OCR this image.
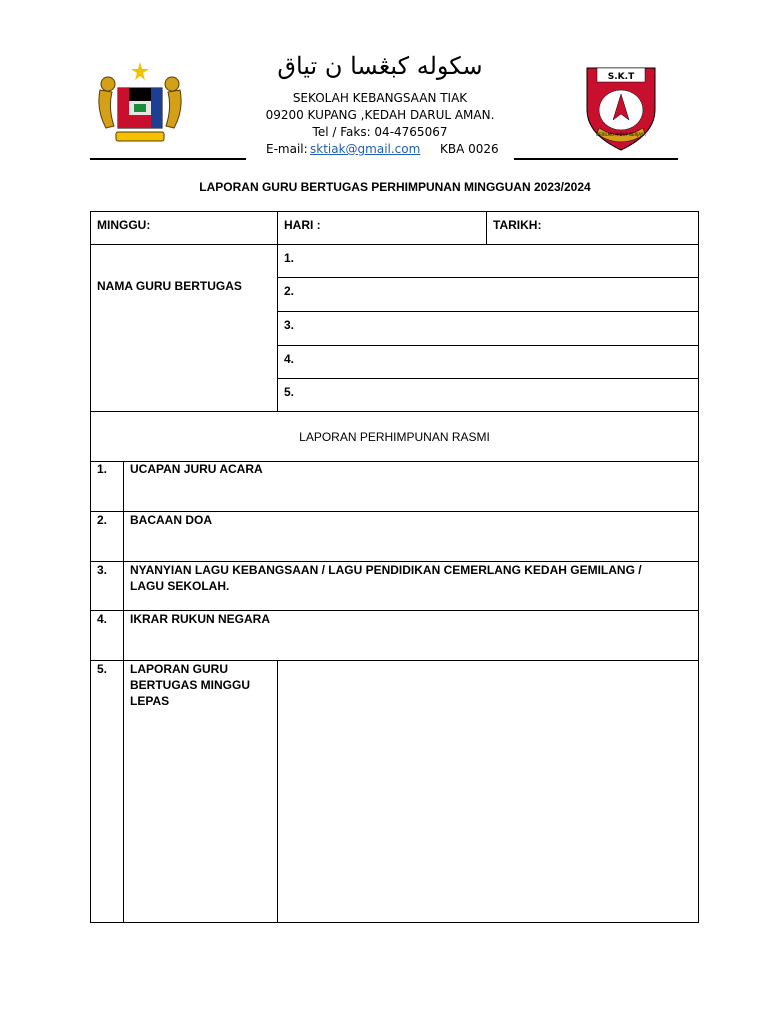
سکوله کبڠسا ن تياق
SEKOLAH KEBANGSAAN TIAK
09200 KUPANG ,KEDAH DARUL AMAN.
Tel / Faks: 04-4765067
E-mail: sktiak@gmail.com KBA 0026
S.K.T
BERILMU HIDUP BERJAYA
LAPORAN GURU BERTUGAS PERHIMPUNAN MINGGUAN 2023/2024
MINGGU:	HARI :	TARIKH:
NAMA GURU BERTUGAS
1.
2.
3.
4.
5.
LAPORAN PERHIMPUNAN RASMI
1. UCAPAN JURU ACARA
2. BACAAN DOA
3. NYANYIAN LAGU KEBANGSAAN / LAGU PENDIDIKAN CEMERLANG KEDAH GEMILANG / LAGU SEKOLAH.
4. IKRAR RUKUN NEGARA
5. LAPORAN GURU BERTUGAS MINGGU LEPAS
